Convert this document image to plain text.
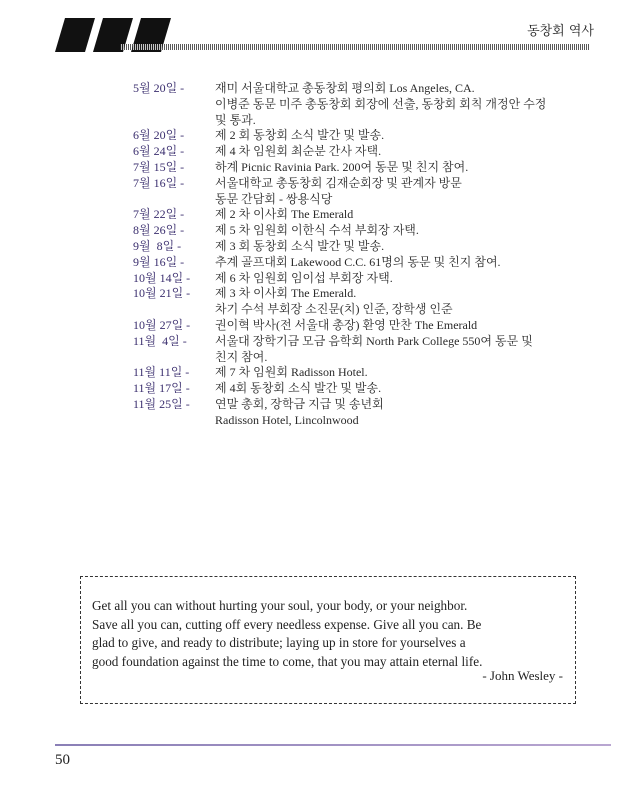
동창회 역사
5월 20일 -	재미 서울대학교 총동창회 평의회 Los Angeles, CA.
이병준 동문 미주 총동창회 회장에 선출, 동창회 회칙 개정안 수정
및 통과.
6월 20일 -	제 2 회 동창회 소식 발간 및 발송.
6월 24일 -	제 4 차 임원회 최순분 간사 자택.
7월 15일 -	하계 Picnic Ravinia Park. 200여 동문 및 친지 참여.
7월 16일 -	서울대학교 총동창회 김재순회장 및 관계자 방문
동문 간담회 - 쌍용식당
7월 22일 -	제 2 차 이사회 The Emerald
8월 26일 -	제 5 차 임원회 이한식 수석 부회장 자택.
9월  8일 -	제 3 회 동창회 소식 발간 및 발송.
9월 16일 -	추계 골프대회 Lakewood C.C. 61명의 동문 및 친지 참여.
10월 14일 -	제 6 차 임원회 임이섭 부회장 자택.
10월 21일 -	제 3 차 이사회 The Emerald.
차기 수석 부회장 소진문(치) 인준, 장학생 인준
10월 27일 -	권이혁 박사(전 서울대 총장) 환영 만찬 The Emerald
11월  4일 -	서울대 장학기금 모금 음학회 North Park College 550여 동문 및
친지 참여.
11월 11일 -	제 7 차 임원회 Radisson Hotel.
11월 17일 -	제 4회 동창회 소식 발간 및 발송.
11월 25일 -	연말 총회, 장학금 지급 및 송년회
Radisson Hotel, Lincolnwood
Get all you can without hurting your soul, your body, or your neighbor.
Save all you can, cutting off every needless expense. Give all you can. Be
glad to give, and ready to distribute; laying up in store for yourselves a
good foundation against the time to come, that you may attain eternal life.
- John Wesley -
50
